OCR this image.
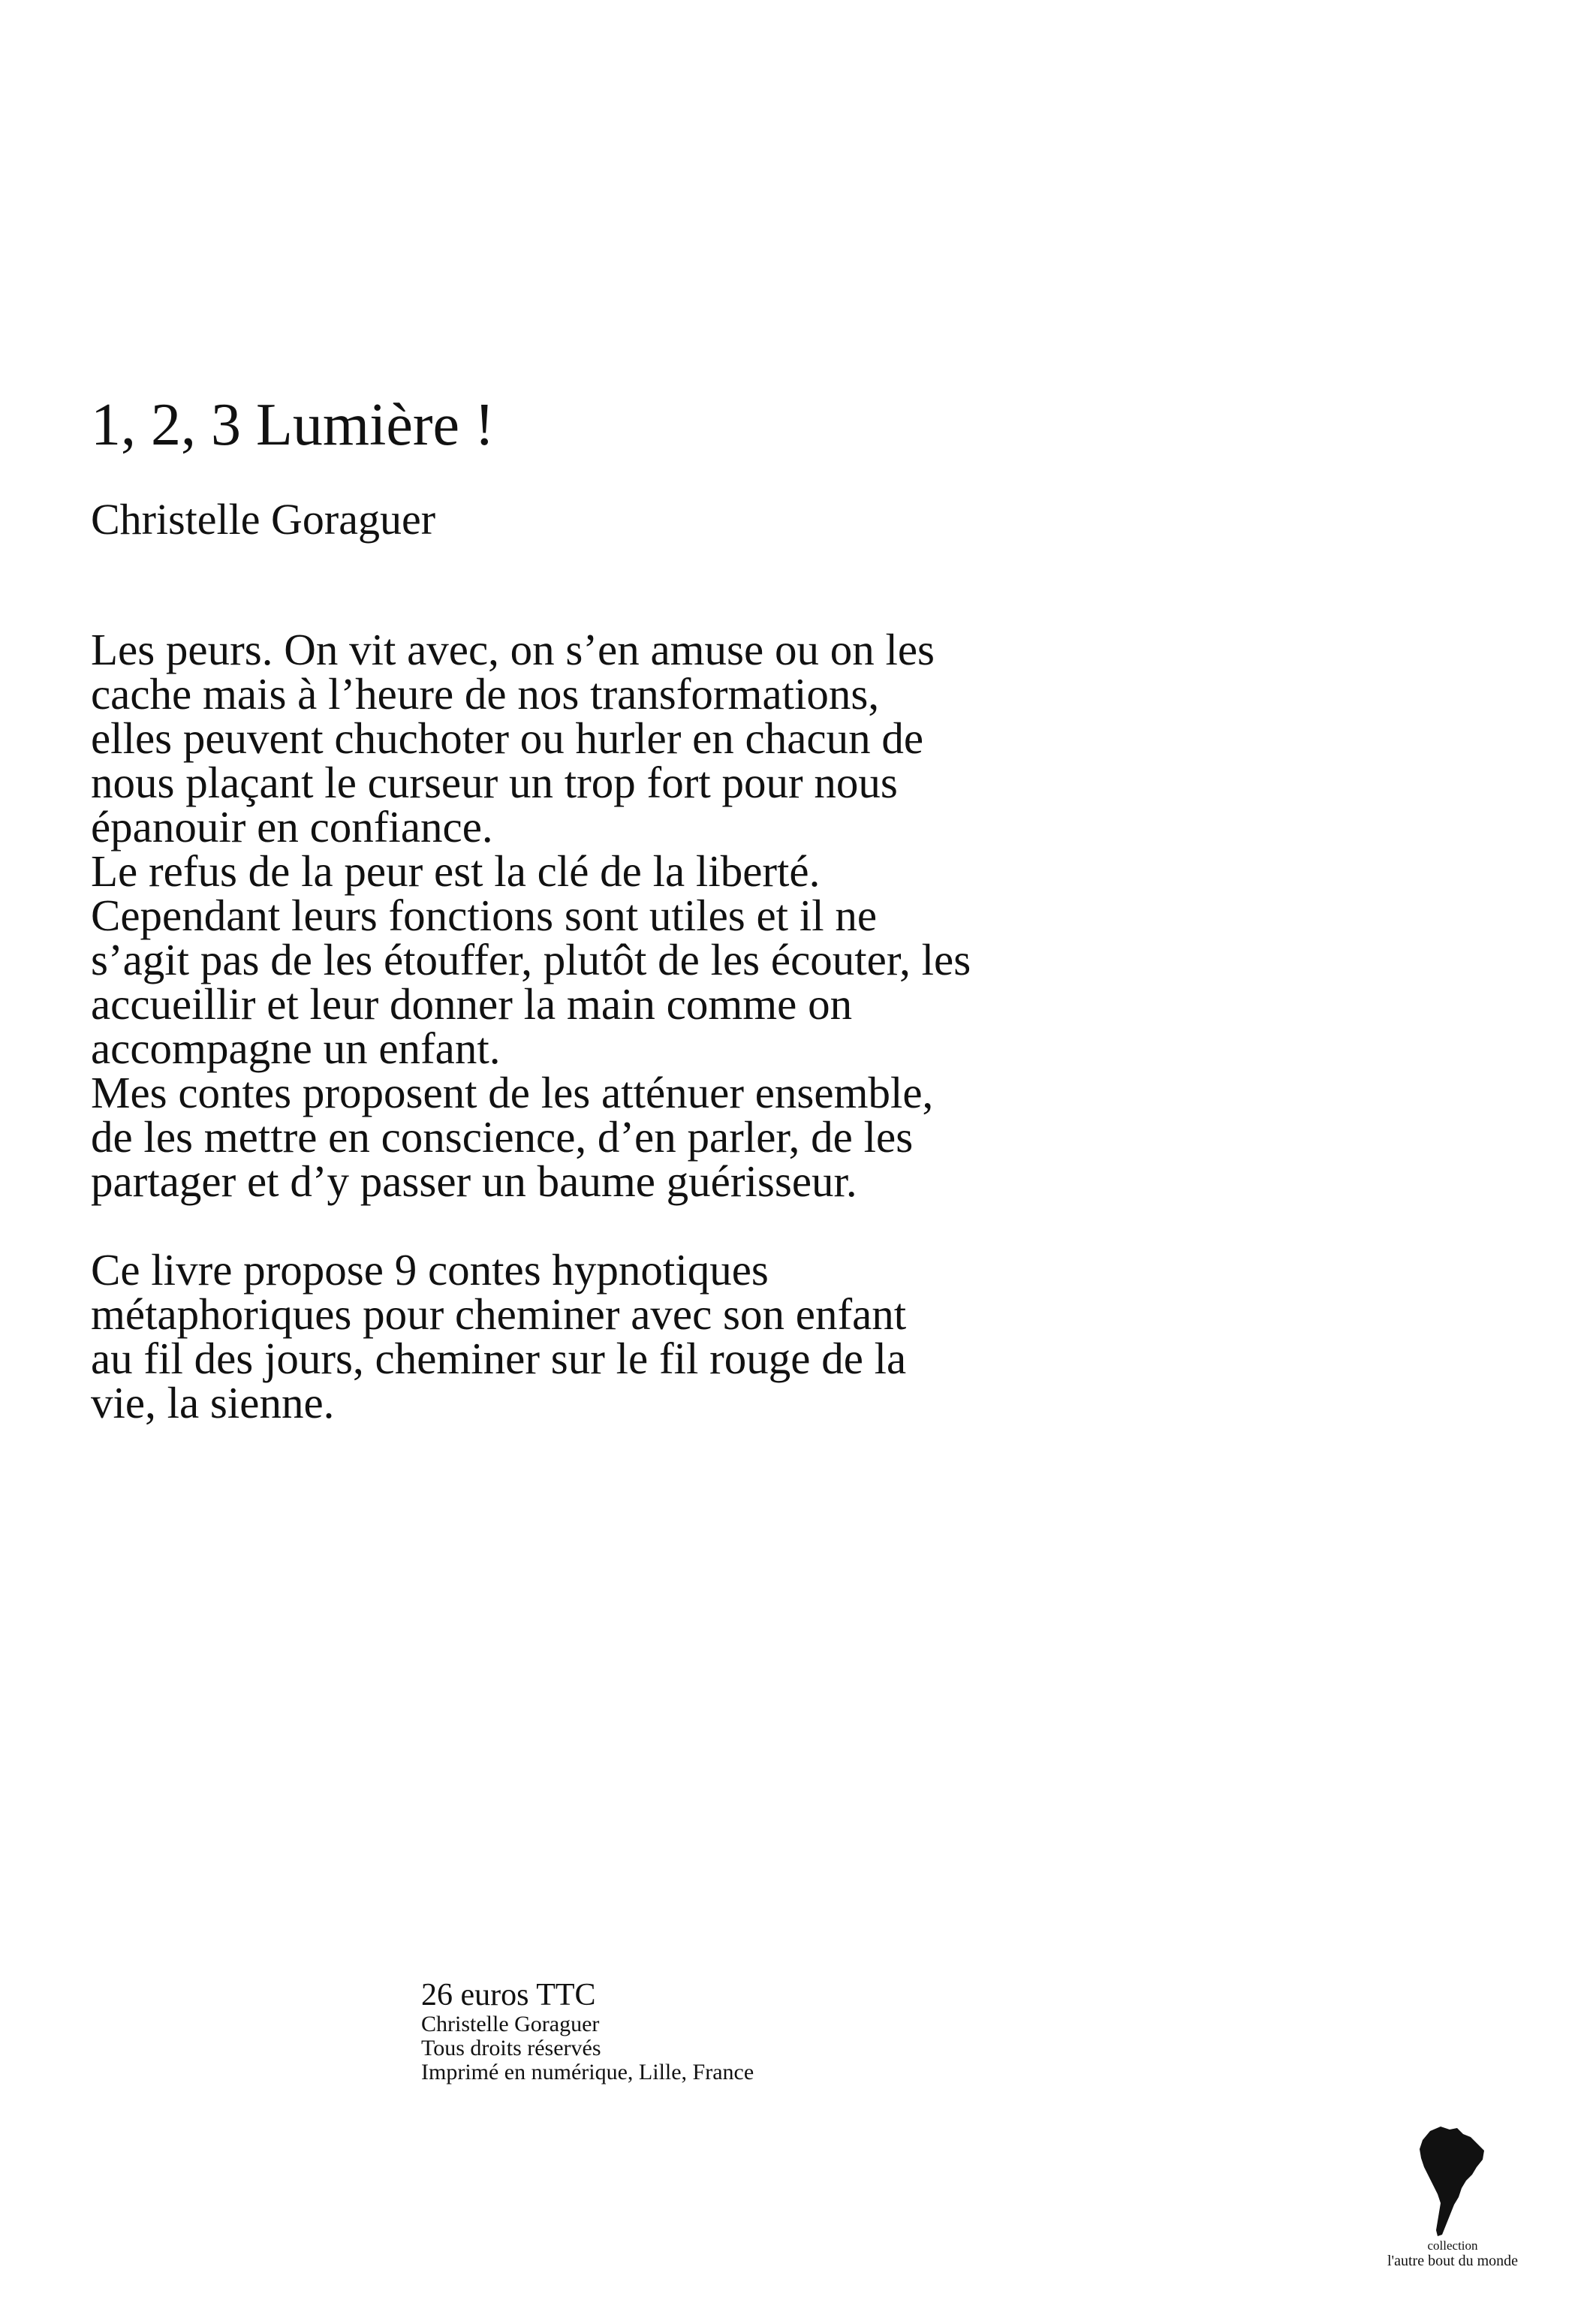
1, 2, 3 Lumière !
Christelle Goraguer
Les peurs. On vit avec, on s’en amuse ou on les
cache mais à l’heure de nos transformations,
elles peuvent chuchoter ou hurler en chacun de
nous plaçant le curseur un trop fort pour nous
épanouir en confiance.
Le refus de la peur est la clé de la liberté.
Cependant leurs fonctions sont utiles et il ne
s’agit pas de les étouffer, plutôt de les écouter, les
accueillir et leur donner la main comme on
accompagne un enfant.
Mes contes proposent de les atténuer ensemble,
de les mettre en conscience, d’en parler, de les
partager et d’y passer un baume guérisseur.
Ce livre propose 9 contes hypnotiques
métaphoriques pour cheminer avec son enfant
au fil des jours, cheminer sur le fil rouge de la
vie, la sienne.
26 euros TTC
Christelle Goraguer
Tous droits réservés
Imprimé en numérique, Lille, France
collection
l'autre bout du monde
